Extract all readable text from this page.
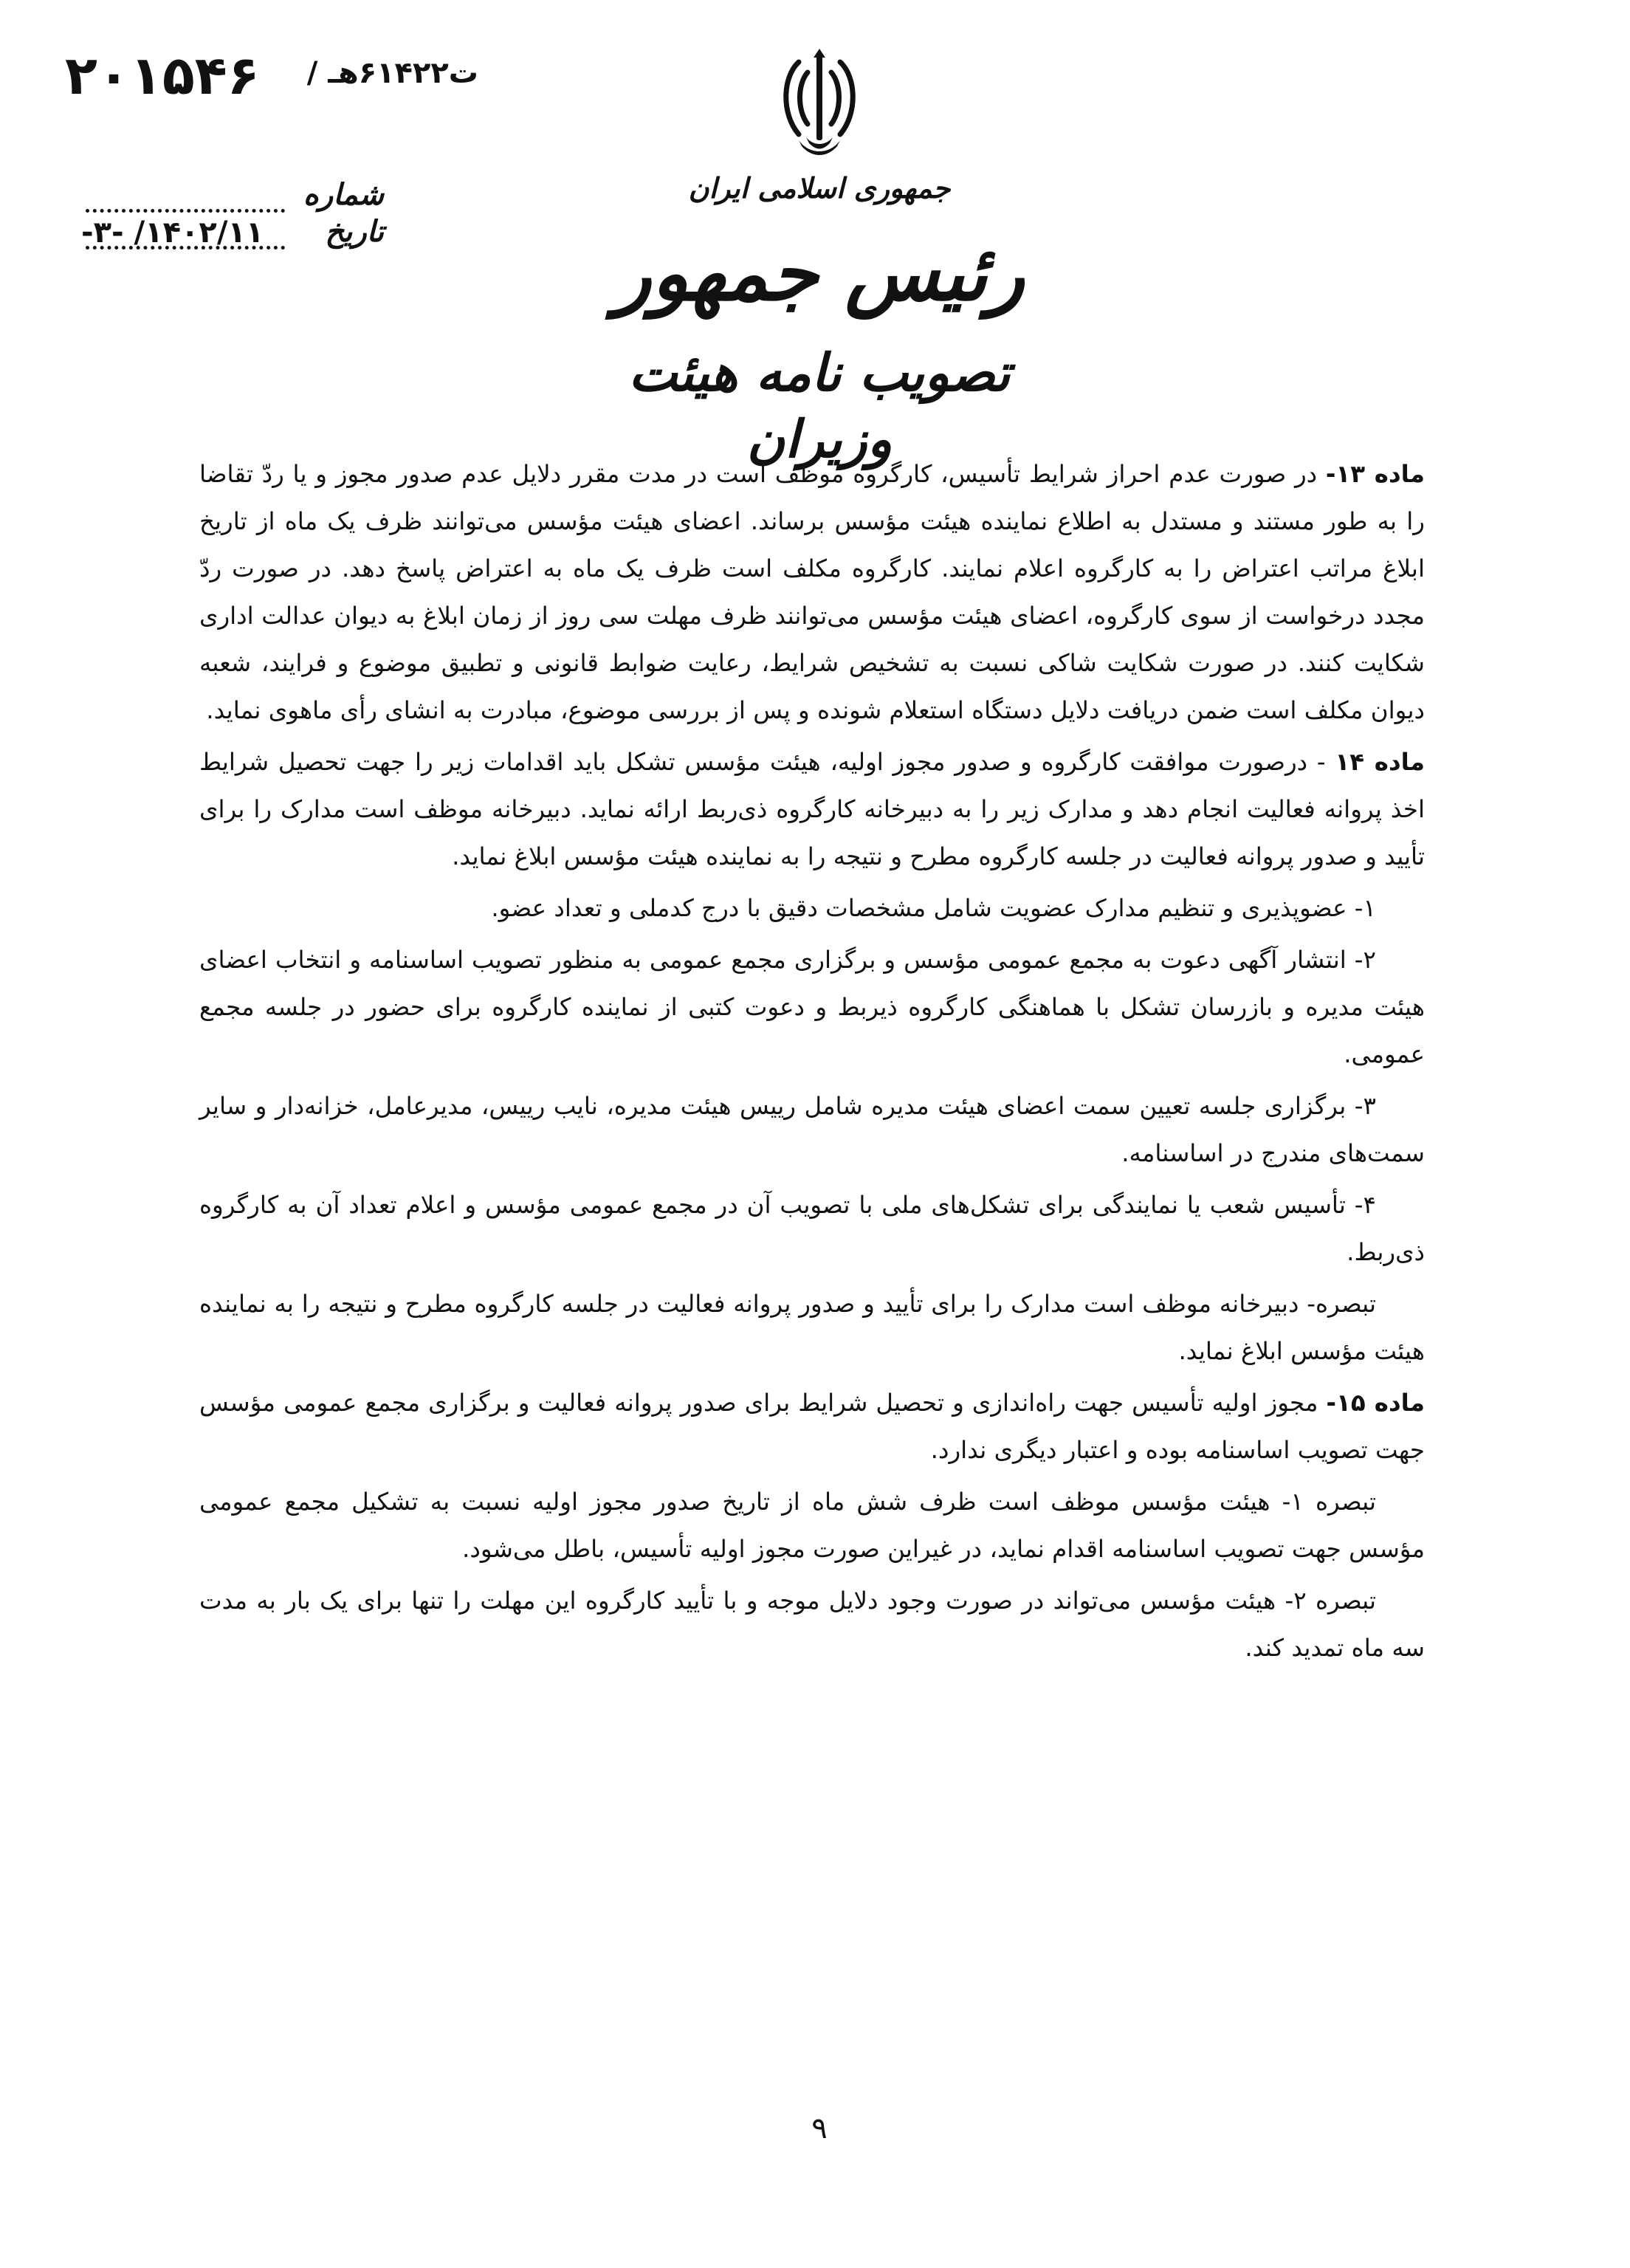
۲۰۱۵۴۶ ت۶۱۴۲۲هـ /
شماره
تاریخ
۱۴۰۲/۱۱/ -۳-
جمهوری اسلامی ایران
رئیس جمهور
تصویب نامه هیئت وزیران

ماده ۱۳- در صورت عدم احراز شرایط تأسیس، کارگروه موظف است در مدت مقرر دلایل عدم صدور مجوز و یا ردّ تقاضا را به طور مستند و مستدل به اطلاع نماینده هیئت مؤسس برساند. اعضای هیئت مؤسس می‌توانند ظرف یک ماه از تاریخ ابلاغ مراتب اعتراض را به کارگروه اعلام نمایند. کارگروه مکلف است ظرف یک ماه به اعتراض پاسخ دهد. در صورت ردّ مجدد درخواست از سوی کارگروه، اعضای هیئت مؤسس می‌توانند ظرف مهلت سی روز از زمان ابلاغ به دیوان عدالت اداری شکایت کنند. در صورت شکایت شاکی نسبت به تشخیص شرایط، رعایت ضوابط قانونی و تطبیق موضوع و فرایند، شعبه دیوان مکلف است ضمن دریافت دلایل دستگاه استعلام شونده و پس از بررسی موضوع، مبادرت به انشای رأی ماهوی نماید.

ماده ۱۴ - درصورت موافقت کارگروه و صدور مجوز اولیه، هیئت مؤسس تشکل باید اقدامات زیر را جهت تحصیل شرایط اخذ پروانه فعالیت انجام دهد و مدارک زیر را به دبیرخانه کارگروه ذی‌ربط ارائه نماید. دبیرخانه موظف است مدارک را برای تأیید و صدور پروانه فعالیت در جلسه کارگروه مطرح و نتیجه را به نماینده هیئت مؤسس ابلاغ نماید.

۱- عضوپذیری و تنظیم مدارک عضویت شامل مشخصات دقیق با درج کدملی و تعداد عضو.

۲- انتشار آگهی دعوت به مجمع عمومی مؤسس و برگزاری مجمع عمومی به منظور تصویب اساسنامه و انتخاب اعضای هیئت مدیره و بازرسان تشکل با هماهنگی کارگروه ذیربط و دعوت کتبی از نماینده کارگروه برای حضور در جلسه مجمع عمومی.

۳- برگزاری جلسه تعیین سمت اعضای هیئت مدیره شامل رییس هیئت مدیره، نایب رییس، مدیرعامل، خزانه‌دار و سایر سمت‌های مندرج در اساسنامه.

۴- تأسیس شعب یا نمایندگی برای تشکل‌های ملی با تصویب آن در مجمع عمومی مؤسس و اعلام تعداد آن به کارگروه ذی‌ربط.

تبصره- دبیرخانه موظف است مدارک را برای تأیید و صدور پروانه فعالیت در جلسه کارگروه مطرح و نتیجه را به نماینده هیئت مؤسس ابلاغ نماید.

ماده ۱۵- مجوز اولیه تأسیس جهت راه‌اندازی و تحصیل شرایط برای صدور پروانه فعالیت و برگزاری مجمع عمومی مؤسس جهت تصویب اساسنامه بوده و اعتبار دیگری ندارد.

تبصره ۱- هیئت مؤسس موظف است ظرف شش ماه از تاریخ صدور مجوز اولیه نسبت به تشکیل مجمع عمومی مؤسس جهت تصویب اساسنامه اقدام نماید، در غیراین صورت مجوز اولیه تأسیس، باطل می‌شود.

تبصره ۲- هیئت مؤسس می‌تواند در صورت وجود دلایل موجه و با تأیید کارگروه این مهلت را تنها برای یک بار به مدت سه ماه تمدید کند.

۹
